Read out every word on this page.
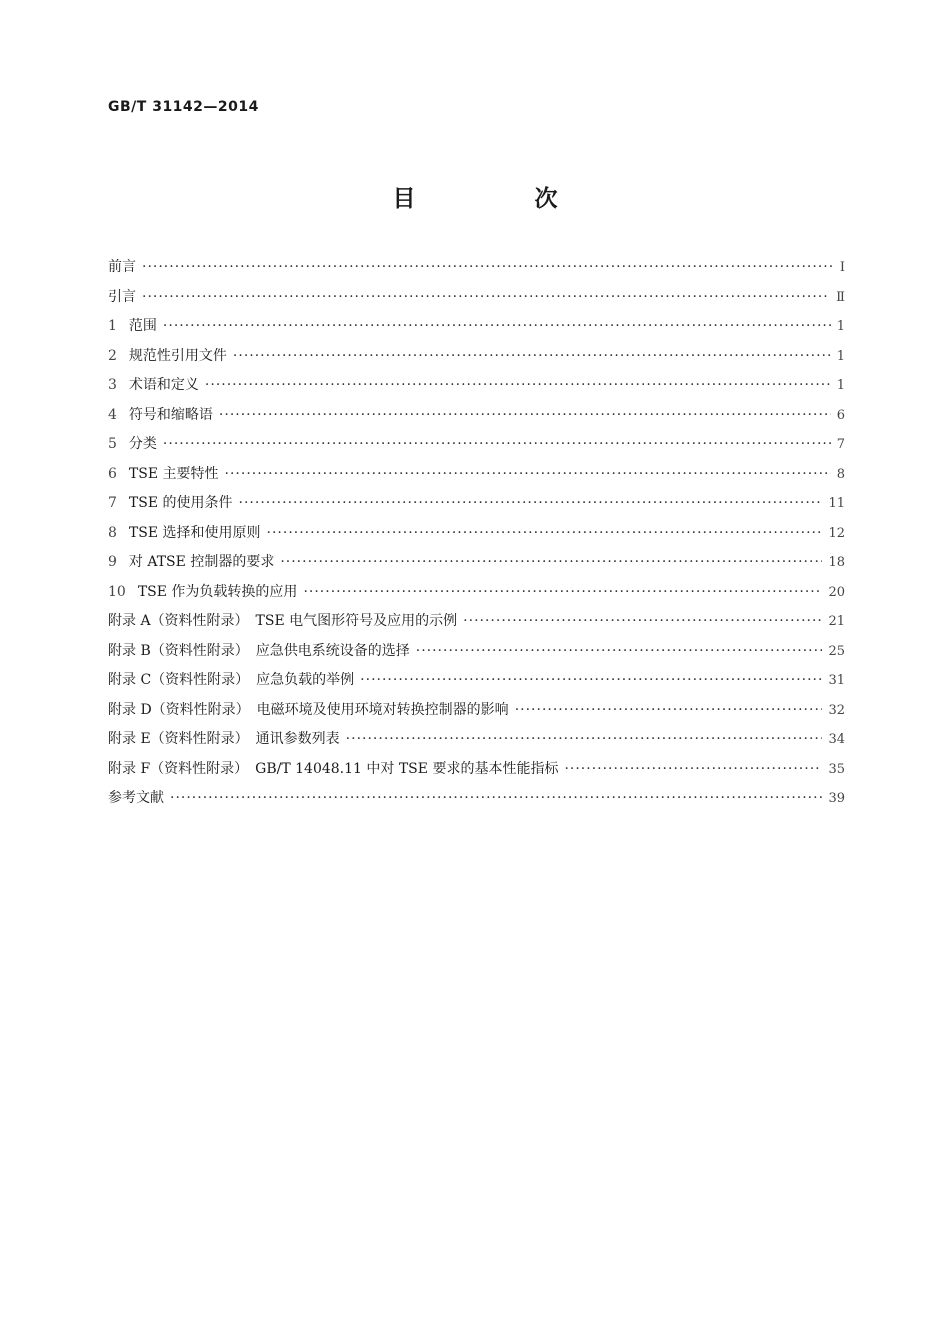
GB/T 31142—2014
目　次
前言 ·····	Ⅰ
引言 ·····	Ⅱ
1 范围 ·····	1
2 规范性引用文件 ·····	1
3 术语和定义 ·····	1
4 符号和缩略语 ·····	6
5 分类 ·····	7
6 TSE 主要特性 ·····	8
7 TSE 的使用条件 ·····	11
8 TSE 选择和使用原则 ·····	12
9 对 ATSE 控制器的要求 ·····	18
10 TSE 作为负载转换的应用 ·····	20
附录 A（资料性附录）　TSE 电气图形符号及应用的示例 ·····	21
附录 B（资料性附录）　应急供电系统设备的选择 ·····	25
附录 C（资料性附录）　应急负载的举例 ·····	31
附录 D（资料性附录）　电磁环境及使用环境对转换控制器的影响 ·····	32
附录 E（资料性附录）　通讯参数列表 ·····	34
附录 F（资料性附录）　GB/T 14048.11 中对 TSE 要求的基本性能指标 ·····	35
参考文献 ·····	39
